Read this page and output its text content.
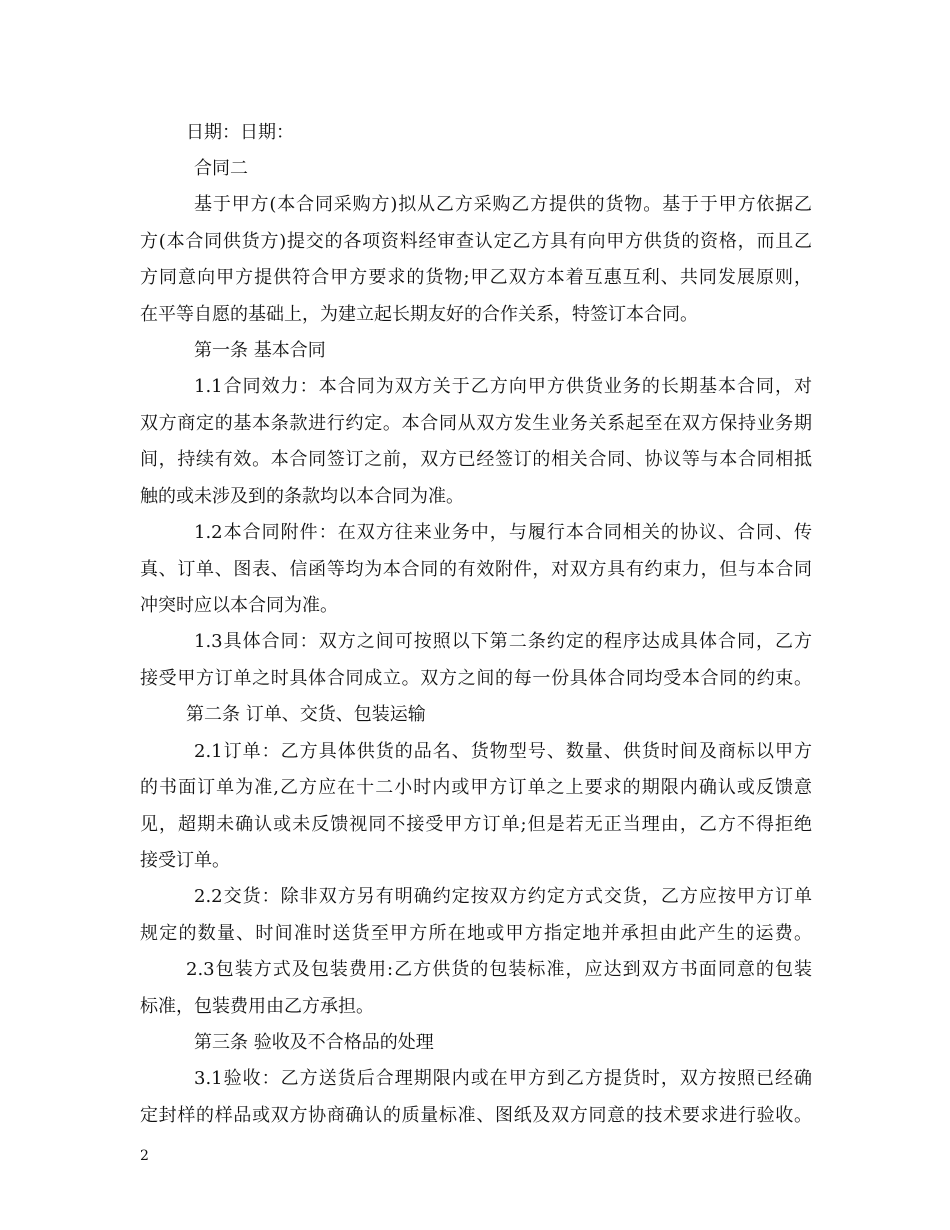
日期：日期：

合同二

基于甲方(本合同采购方)拟从乙方采购乙方提供的货物。基于于甲方依据乙

方(本合同供货方)提交的各项资料经审查认定乙方具有向甲方供货的资格，而且乙

方同意向甲方提供符合甲方要求的货物;甲乙双方本着互惠互利、共同发展原则，

在平等自愿的基础上，为建立起长期友好的合作关系，特签订本合同。

第一条 基本合同

1.1合同效力：本合同为双方关于乙方向甲方供货业务的长期基本合同，对

双方商定的基本条款进行约定。本合同从双方发生业务关系起至在双方保持业务期

间，持续有效。本合同签订之前，双方已经签订的相关合同、协议等与本合同相抵

触的或未涉及到的条款均以本合同为准。

1.2本合同附件：在双方往来业务中，与履行本合同相关的协议、合同、传

真、订单、图表、信函等均为本合同的有效附件，对双方具有约束力，但与本合同

冲突时应以本合同为准。

1.3具体合同：双方之间可按照以下第二条约定的程序达成具体合同，乙方

接受甲方订单之时具体合同成立。双方之间的每一份具体合同均受本合同的约束。

第二条 订单、交货、包装运输

2.1订单：乙方具体供货的品名、货物型号、数量、供货时间及商标以甲方

的书面订单为准,乙方应在十二小时内或甲方订单之上要求的期限内确认或反馈意

见，超期未确认或未反馈视同不接受甲方订单;但是若无正当理由，乙方不得拒绝

接受订单。

2.2交货：除非双方另有明确约定按双方约定方式交货，乙方应按甲方订单

规定的数量、时间准时送货至甲方所在地或甲方指定地并承担由此产生的运费。

2.3包装方式及包装费用:乙方供货的包装标准，应达到双方书面同意的包装

标准，包装费用由乙方承担。

第三条 验收及不合格品的处理

3.1验收：乙方送货后合理期限内或在甲方到乙方提货时，双方按照已经确

定封样的样品或双方协商确认的质量标准、图纸及双方同意的技术要求进行验收。

2
